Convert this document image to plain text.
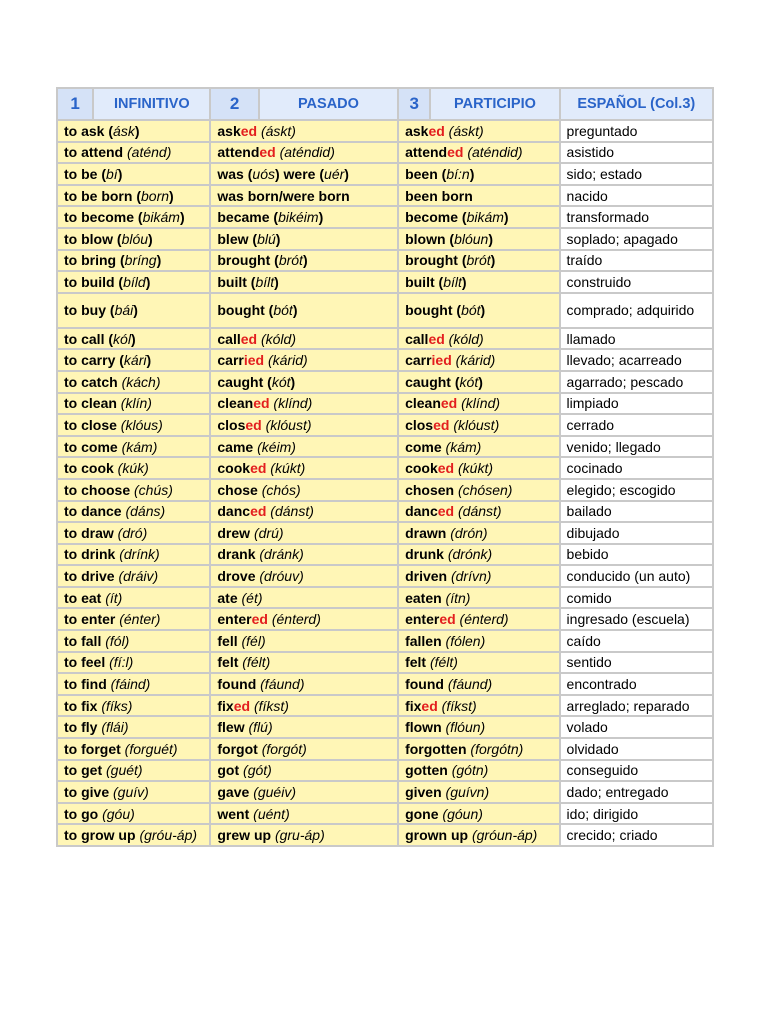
1	INFINITIVO	2	PASADO	3	PARTICIPIO	ESPAÑOL (Col.3)
to ask (ásk)		asked (áskt)		asked (áskt)		preguntado
to attend (aténd)		attended (aténdid)		attended (aténdid)		asistido
to be (bí)		was (uós) were (uér)		been (bí:n)		sido; estado
to be born (born)		was born/were born		been born		nacido
to become (bikám)		became (bikéim)		become (bikám)		transformado
to blow (blóu)		blew (blú)		blown (blóun)		soplado; apagado
to bring (bríng)		brought (brót)		brought (brót)		traído
to build (bíld)		built (bílt)		built (bílt)		construido
to buy (bái)		bought (bót)		bought (bót)		comprado; adquirido
to call (kól)		called (kóld)		called (kóld)		llamado
to carry (kári)		carried (kárid)		carried (kárid)		llevado; acarreado
to catch (kách)		caught (kót)		caught (kót)		agarrado; pescado
to clean (klín)		cleaned (klínd)		cleaned (klínd)		limpiado
to close (klóus)		closed (klóust)		closed (klóust)		cerrado
to come (kám)		came (kéim)		come (kám)		venido; llegado
to cook (kúk)		cooked (kúkt)		cooked (kúkt)		cocinado
to choose (chús)		chose (chós)		chosen (chósen)		elegido; escogido
to dance (dáns)		danced (dánst)		danced (dánst)		bailado
to draw (dró)		drew (drú)		drawn (drón)		dibujado
to drink (drínk)		drank (dránk)		drunk (drónk)		bebido
to drive (dráiv)		drove (dróuv)		driven (drívn)		conducido (un auto)
to eat (ít)		ate (ét)		eaten (ítn)		comido
to enter (énter)		entered (énterd)		entered (énterd)		ingresado (escuela)
to fall (fól)		fell (fél)		fallen (fólen)		caído
to feel (fí:l)		felt (félt)		felt (félt)		sentido
to find (fáind)		found (fáund)		found (fáund)		encontrado
to fix (fíks)		fixed (fíkst)		fixed (fíkst)		arreglado; reparado
to fly (flái)		flew (flú)		flown (flóun)		volado
to forget (forguét)		forgot (forgót)		forgotten (forgótn)		olvidado
to get (guét)		got (gót)		gotten (gótn)		conseguido
to give (guív)		gave (guéiv)		given (guívn)		dado; entregado
to go (góu)		went (uént)		gone (góun)		ido; dirigido
to grow up (gróu-áp)		grew up (gru-áp)		grown up (gróun-áp)		crecido; criado
